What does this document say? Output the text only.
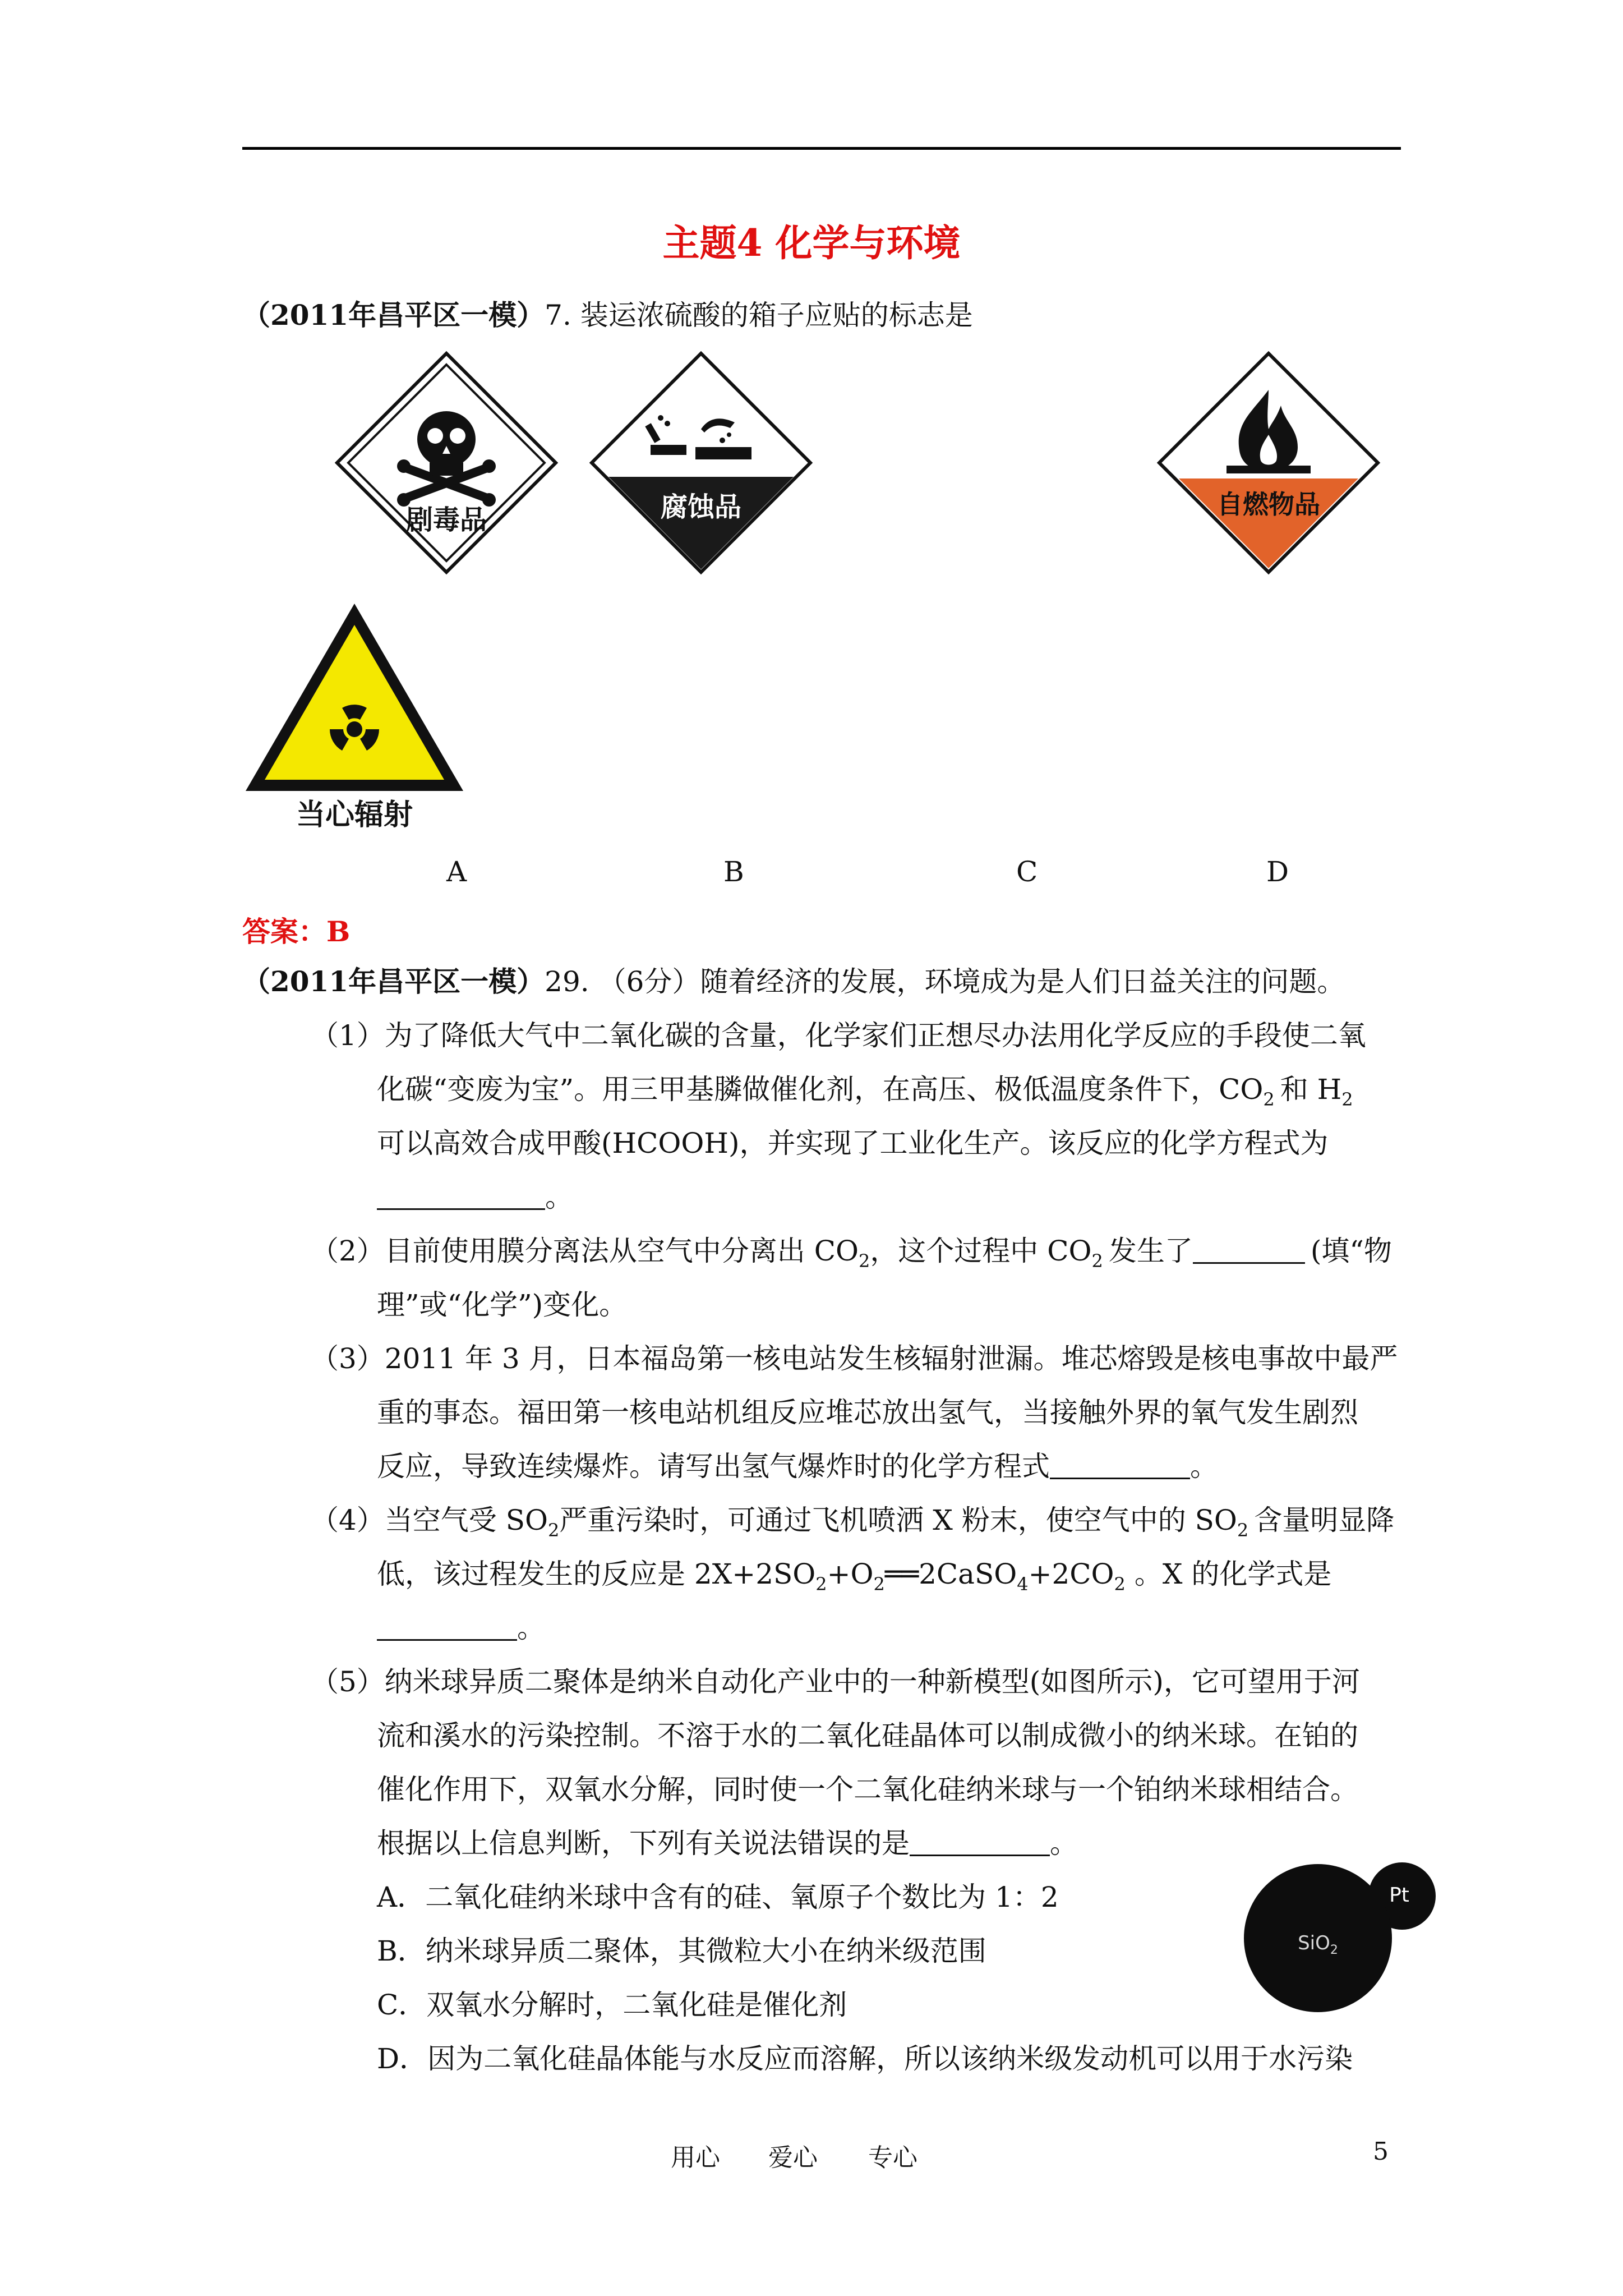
主题4 化学与环境
（2011年昌平区一模）7. 装运浓硫酸的箱子应贴的标志是
剧毒品	腐蚀品	自燃物品
当心辐射
A	B	C	D
答案：B
（2011年昌平区一模）29. （6分）随着经济的发展，环境成为是人们日益关注的问题。
（1）为了降低大气中二氧化碳的含量，化学家们正想尽办法用化学反应的手段使二氧
化碳“变废为宝”。用三甲基膦做催化剂，在高压、极低温度条件下，$CO_2$ 和 $H_2$
可以高效合成甲酸(HCOOH)，并实现了工业化生产。该反应的化学方程式为
。
（2）目前使用膜分离法从空气中分离出 $CO_2$，这个过程中 $CO_2$ 发生了	(填“物
理”或“化学”)变化。
（3）2011 年 3 月，日本福岛第一核电站发生核辐射泄漏。堆芯熔毁是核电事故中最严
重的事态。福田第一核电站机组反应堆芯放出氢气，当接触外界的氧气发生剧烈
反应，导致连续爆炸。请写出氢气爆炸时的化学方程式	。
（4）当空气受 $SO_2$严重污染时，可通过飞机喷洒 X 粉末，使空气中的 $SO_2$ 含量明显降
低，该过程发生的反应是 $2X+2SO_2+O_2══2CaSO_4+2CO_2$ 。X 的化学式是
。
（5）纳米球异质二聚体是纳米自动化产业中的一种新模型(如图所示)，它可望用于河
流和溪水的污染控制。不溶于水的二氧化硅晶体可以制成微小的纳米球。在铂的
催化作用下，双氧水分解，同时使一个二氧化硅纳米球与一个铂纳米球相结合。
根据以上信息判断，下列有关说法错误的是	。
A．二氧化硅纳米球中含有的硅、氧原子个数比为 1：2
B．纳米球异质二聚体，其微粒大小在纳米级范围
C．双氧水分解时，二氧化硅是催化剂
D．因为二氧化硅晶体能与水反应而溶解，所以该纳米级发动机可以用于水污染
SiO$_2$
Pt
用心 爱心 专心	5
